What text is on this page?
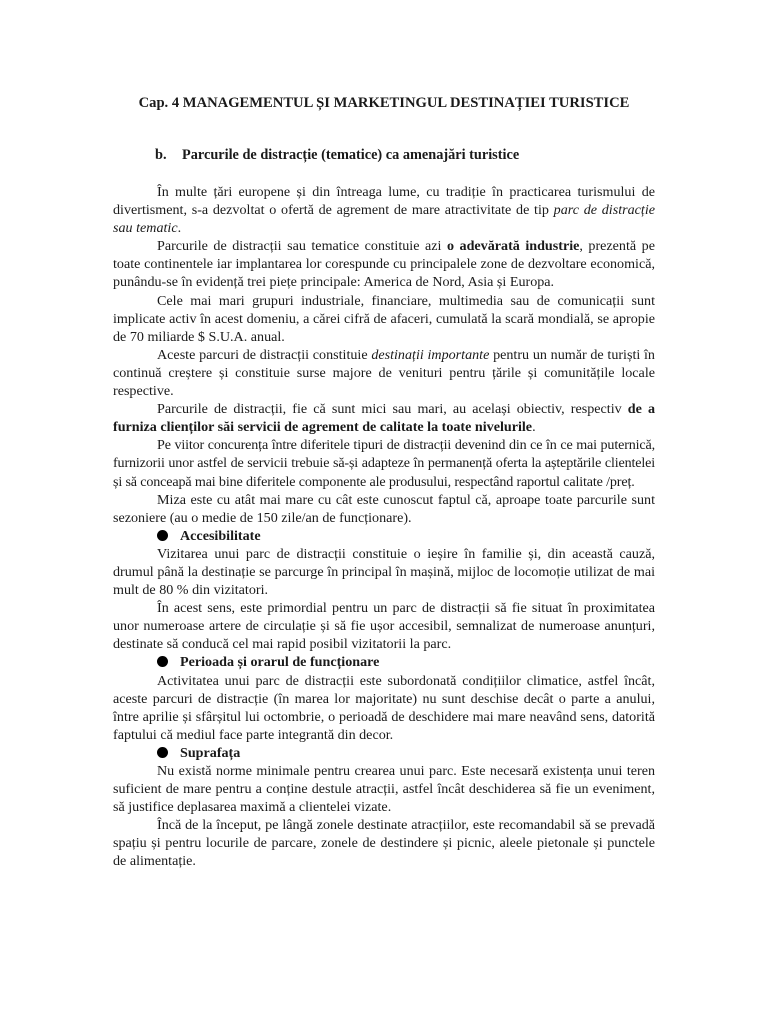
Cap. 4 MANAGEMENTUL ȘI MARKETINGUL DESTINAȚIEI TURISTICE
b. Parcurile de distracție (tematice) ca amenajări turistice

În multe țări europene și din întreaga lume, cu tradiție în practicarea turismului de divertisment, s-a dezvoltat o ofertă de agrement de mare atractivitate de tip parc de distracție sau tematic.

Parcurile de distracții sau tematice constituie azi o adevărată industrie, prezentă pe toate continentele iar implantarea lor corespunde cu principalele zone de dezvoltare economică, punându-se în evidență trei piețe principale: America de Nord, Asia și Europa.

Cele mai mari grupuri industriale, financiare, multimedia sau de comunicații sunt implicate activ în acest domeniu, a cărei cifră de afaceri, cumulată la scară mondială, se apropie de 70 miliarde $ S.U.A. anual.

Aceste parcuri de distracții constituie destinații importante pentru un număr de turiști în continuă creștere și constituie surse majore de venituri pentru țările și comunitățile locale respective.

Parcurile de distracții, fie că sunt mici sau mari, au același obiectiv, respectiv de a furniza clienților săi servicii de agrement de calitate la toate nivelurile.

Pe viitor concurența între diferitele tipuri de distracții devenind din ce în ce mai puternică, furnizorii unor astfel de servicii trebuie să-și adapteze în permanență oferta la așteptările clientelei și să conceapă mai bine diferitele componente ale produsului, respectând raportul calitate /preț.

Miza este cu atât mai mare cu cât este cunoscut faptul că, aproape toate parcurile sunt sezoniere (au o medie de 150 zile/an de funcționare).

Accesibilitate

Vizitarea unui parc de distracții constituie o ieșire în familie și, din această cauză, drumul până la destinație se parcurge în principal în mașină, mijloc de locomoție utilizat de mai mult de 80 % din vizitatori.

În acest sens, este primordial pentru un parc de distracții să fie situat în proximitatea unor numeroase artere de circulație și să fie ușor accesibil, semnalizat de numeroase anunțuri, destinate să conducă cel mai rapid posibil vizitatorii la parc.

Perioada și orarul de funcționare

Activitatea unui parc de distracții este subordonată condițiilor climatice, astfel încât, aceste parcuri de distracție (în marea lor majoritate) nu sunt deschise decât o parte a anului, între aprilie și sfârșitul lui octombrie, o perioadă de deschidere mai mare neavând sens, datorită faptului că mediul face parte integrantă din decor.

Suprafața

Nu există norme minimale pentru crearea unui parc. Este necesară existența unui teren suficient de mare pentru a conține destule atracții, astfel încât deschiderea să fie un eveniment, să justifice deplasarea maximă a clientelei vizate.

Încă de la început, pe lângă zonele destinate atracțiilor, este recomandabil să se prevadă spațiu și pentru locurile de parcare, zonele de destindere și picnic, aleele pietonale și punctele de alimentație.
